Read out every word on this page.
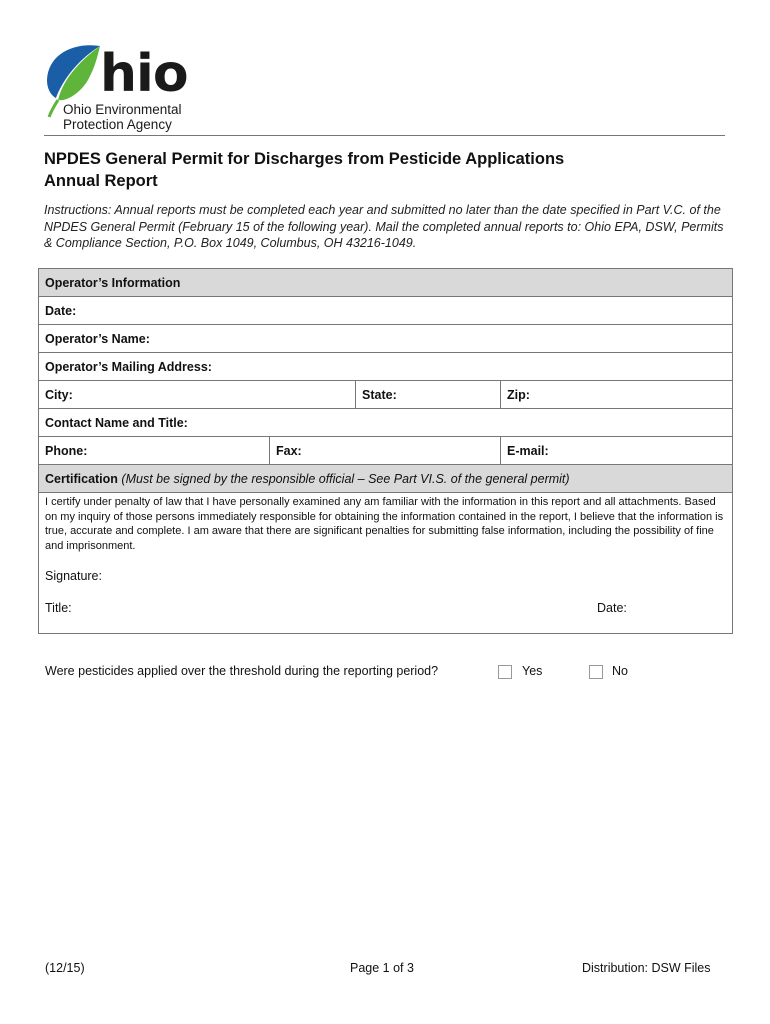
hio
Ohio Environmental
Protection Agency
NPDES General Permit for Discharges from Pesticide Applications
Annual Report
Instructions: Annual reports must be completed each year and submitted no later than the date specified in Part V.C. of the NPDES General Permit (February 15 of the following year). Mail the completed annual reports to: Ohio EPA, DSW, Permits & Compliance Section, P.O. Box 1049, Columbus, OH 43216-1049.
Operator’s Information			
Date:			
Operator’s Name:			
Operator’s Mailing Address:			
City:		State:	Zip:
Contact Name and Title:			
Phone:	Fax:		E-mail:
Certification (Must be signed by the responsible official – See Part VI.S. of the general permit)			

I certify under penalty of law that I have personally examined any am familiar with the information in this report and all attachments. Based on my inquiry of those persons immediately responsible for obtaining the information contained in the report, I believe that the information is true, accurate and complete. I am aware that there are significant penalties for submitting false information, including the possibility of fine and imprisonment.
Signature:
Title: Date:			
Were pesticides applied over the threshold during the reporting period?	Yes	No
(12/15)	Page 1 of 3	Distribution: DSW Files
